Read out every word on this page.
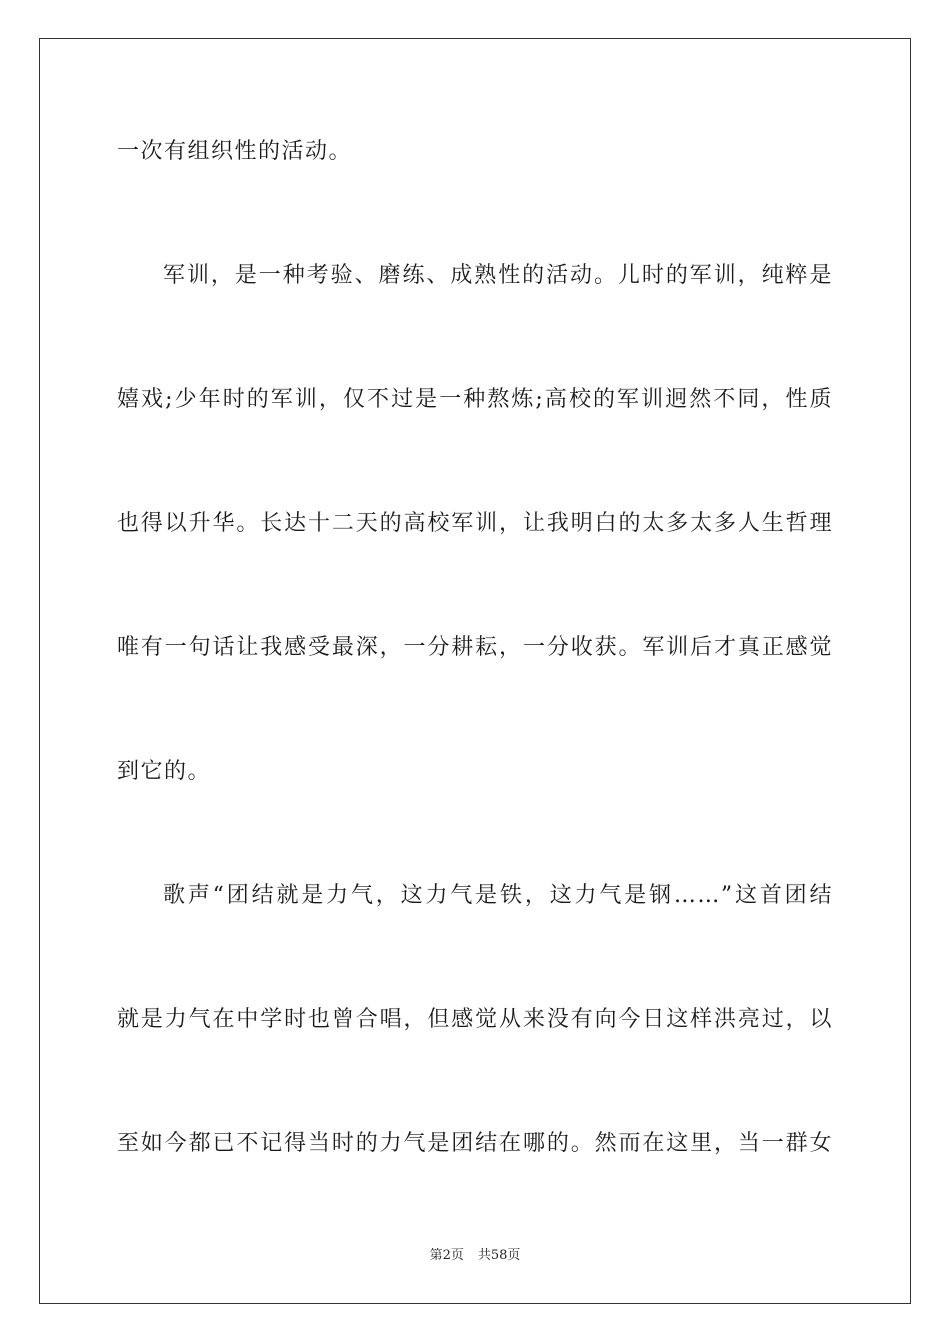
一次有组织性的活动。
军训，是一种考验、磨练、成熟性的活动。儿时的军训，纯粹是
嬉戏;少年时的军训，仅不过是一种熬炼;高校的军训迥然不同，性质
也得以升华。长达十二天的高校军训，让我明白的太多太多人生哲理
唯有一句话让我感受最深，一分耕耘，一分收获。军训后才真正感觉
到它的。
歌声“团结就是力气，这力气是铁，这力气是钢……”这首团结
就是力气在中学时也曾合唱，但感觉从来没有向今日这样洪亮过，以
至如今都已不记得当时的力气是团结在哪的。然而在这里，当一群女
第2页 共58页
